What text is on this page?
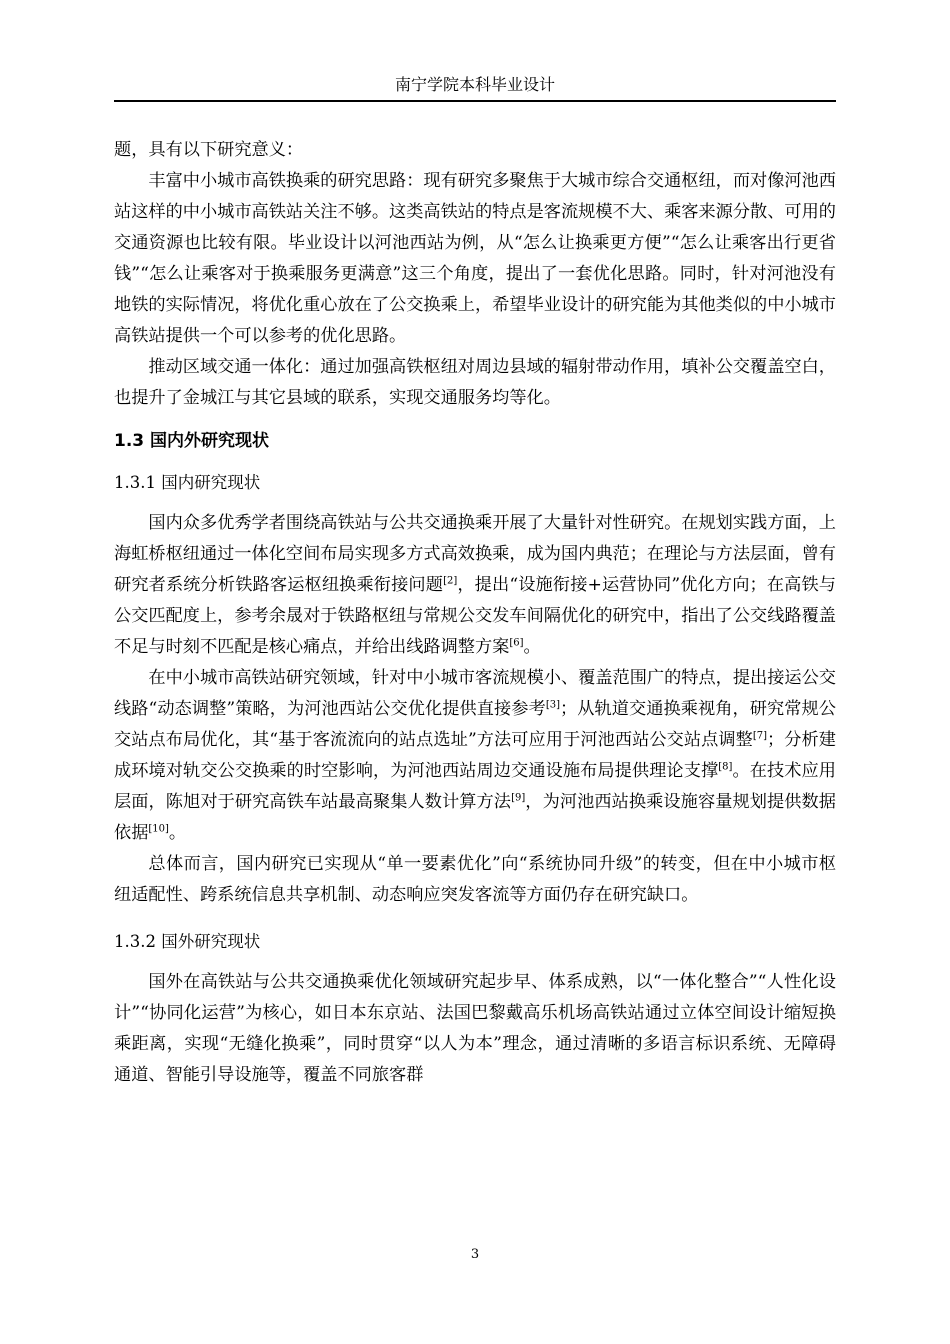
南宁学院本科毕业设计

题，具有以下研究意义：

丰富中小城市高铁换乘的研究思路：现有研究多聚焦于大城市综合交通枢纽，而对像河池西站这样的中小城市高铁站关注不够。这类高铁站的特点是客流规模不大、乘客来源分散、可用的交通资源也比较有限。毕业设计以河池西站为例，从“怎么让换乘更方便”“怎么让乘客出行更省钱”“怎么让乘客对于换乘服务更满意”这三个角度，提出了一套优化思路。同时，针对河池没有地铁的实际情况，将优化重心放在了公交换乘上，希望毕业设计的研究能为其他类似的中小城市高铁站提供一个可以参考的优化思路。

推动区域交通一体化：通过加强高铁枢纽对周边县域的辐射带动作用，填补公交覆盖空白，也提升了金城江与其它县域的联系，实现交通服务均等化。

1.3 国内外研究现状
1.3.1 国内研究现状

国内众多优秀学者围绕高铁站与公共交通换乘开展了大量针对性研究。在规划实践方面，上海虹桥枢纽通过一体化空间布局实现多方式高效换乘，成为国内典范；在理论与方法层面，曾有研究者系统分析铁路客运枢纽换乘衔接问题[2]，提出“设施衔接+运营协同”优化方向；在高铁与公交匹配度上，参考余晟对于铁路枢纽与常规公交发车间隔优化的研究中，指出了公交线路覆盖不足与时刻不匹配是核心痛点，并给出线路调整方案[6]。

在中小城市高铁站研究领域，针对中小城市客流规模小、覆盖范围广的特点，提出接运公交线路“动态调整”策略，为河池西站公交优化提供直接参考[3]；从轨道交通换乘视角，研究常规公交站点布局优化，其“基于客流流向的站点选址”方法可应用于河池西站公交站点调整[7]；分析建成环境对轨交公交换乘的时空影响，为河池西站周边交通设施布局提供理论支撑[8]。在技术应用层面，陈旭对于研究高铁车站最高聚集人数计算方法[9]，为河池西站换乘设施容量规划提供数据依据[10]。

总体而言，国内研究已实现从“单一要素优化”向“系统协同升级”的转变，但在中小城市枢纽适配性、跨系统信息共享机制、动态响应突发客流等方面仍存在研究缺口。

1.3.2 国外研究现状

国外在高铁站与公共交通换乘优化领域研究起步早、体系成熟，以“一体化整合”“人性化设计”“协同化运营”为核心，如日本东京站、法国巴黎戴高乐机场高铁站通过立体空间设计缩短换乘距离，实现“无缝化换乘”，同时贯穿“以人为本”理念，通过清晰的多语言标识系统、无障碍通道、智能引导设施等，覆盖不同旅客群

3
